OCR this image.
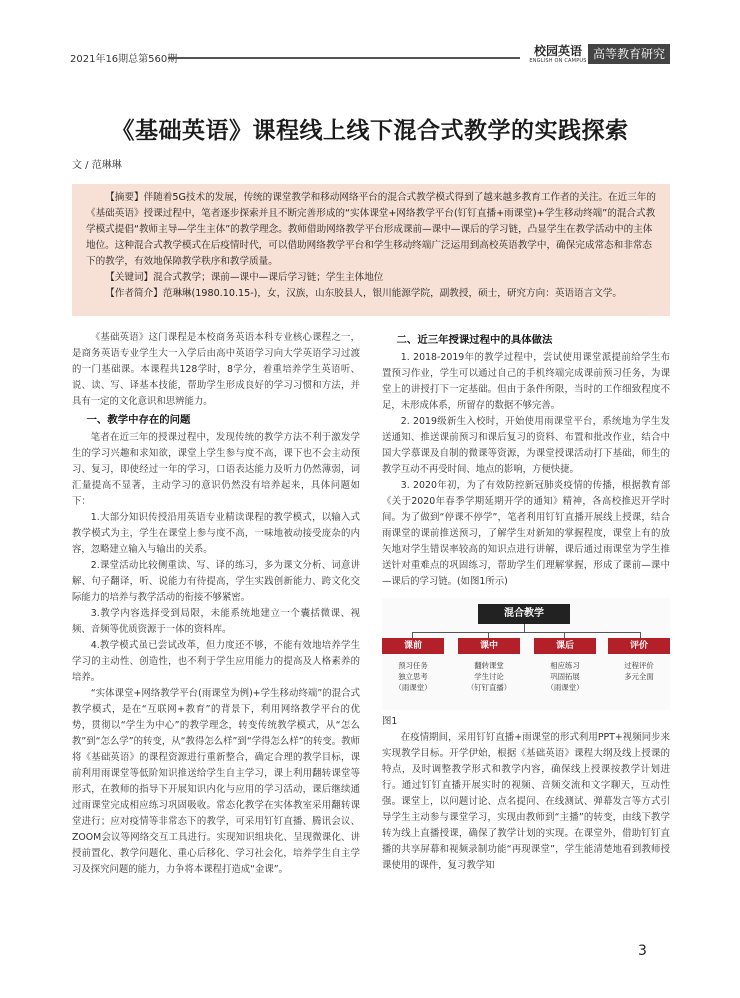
2021年16期总第560期
校园英语
ENGLISH ON CAMPUS 高等教育研究
《基础英语》课程线上线下混合式教学的实践探索
文 / 范琳琳

【摘要】伴随着5G技术的发展，传统的课堂教学和移动网络平台的混合式教学模式得到了越来越多教育工作者的关注。在近三年的《基础英语》授课过程中，笔者逐步探索并且不断完善形成的“实体课堂+网络教学平台(钉钉直播+雨课堂)+学生移动终端”的混合式教学模式提倡“教师主导—学生主体”的教学理念。教师借助网络教学平台形成课前—课中—课后的学习链，凸显学生在教学活动中的主体地位。这种混合式教学模式在后疫情时代，可以借助网络教学平台和学生移动终端广泛运用到高校英语教学中，确保完成常态和非常态下的教学，有效地保障教学秩序和教学质量。

【关键词】混合式教学；课前—课中—课后学习链；学生主体地位

【作者简介】范琳琳(1980.10.15-)，女，汉族，山东胶县人，银川能源学院，副教授，硕士，研究方向：英语语言文学。

《基础英语》这门课程是本校商务英语本科专业核心课程之一，是商务英语专业学生大一入学后由高中英语学习向大学英语学习过渡的一门基础课。本课程共128学时，8学分，着重培养学生英语听、说、读、写、译基本技能，帮助学生形成良好的学习习惯和方法，并具有一定的文化意识和思辨能力。

一、教学中存在的问题

笔者在近三年的授课过程中，发现传统的教学方法不利于激发学生的学习兴趣和求知欲，课堂上学生参与度不高，课下也不会主动预习、复习，即使经过一年的学习，口语表达能力及听力仍然薄弱，词汇量提高不显著，主动学习的意识仍然没有培养起来，具体问题如下：

1.大部分知识传授沿用英语专业精读课程的教学模式，以输入式教学模式为主，学生在课堂上参与度不高，一味地被动接受庞杂的内容，忽略建立输入与输出的关系。

2.课堂活动比较侧重读、写、译的练习，多为课文分析、词意讲解、句子翻译，听、说能力有待提高，学生实践创新能力、跨文化交际能力的培养与教学活动的衔接不够紧密。

3.教学内容选择受到局限，未能系统地建立一个囊括微课、视频、音频等优质资源于一体的资料库。

4.教学模式虽已尝试改革，但力度还不够，不能有效地培养学生学习的主动性、创造性，也不利于学生应用能力的提高及人格素养的培养。

“实体课堂+网络教学平台(雨课堂为例)+学生移动终端”的混合式教学模式，是在“互联网+教育”的背景下，利用网络教学平台的优势，贯彻以“学生为中心”的教学理念，转变传统教学模式，从“怎么教”到“怎么学”的转变，从“教得怎么样”到“学得怎么样”的转变。教师将《基础英语》的课程资源进行重新整合，确定合理的教学目标，课前利用雨课堂等低阶知识推送给学生自主学习，课上利用翻转课堂等形式，在教师的指导下开展知识内化与应用的学习活动，课后继续通过雨课堂完成相应练习巩固吸收。常态化教学在实体教室采用翻转课堂进行；应对疫情等非常态下的教学，可采用钉钉直播、腾讯会议、ZOOM会议等网络交互工具进行。实现知识组块化、呈现微课化、讲授前置化、教学问题化、重心后移化、学习社会化，培养学生自主学习及探究问题的能力，力争将本课程打造成“金课”。

二、近三年授课过程中的具体做法

1. 2018-2019年的教学过程中，尝试使用课堂派提前给学生布置预习作业，学生可以通过自己的手机终端完成课前预习任务，为课堂上的讲授打下一定基础。但由于条件所限，当时的工作细致程度不足，未形成体系，所留存的数据不够完善。

2. 2019级新生入校时，开始使用雨课堂平台，系统地为学生发送通知、推送课前预习和课后复习的资料、布置和批改作业，结合中国大学慕课及自制的微课等资源，为课堂授课活动打下基础，师生的教学互动不再受时间、地点的影响，方便快捷。

3. 2020年初，为了有效防控新冠肺炎疫情的传播，根据教育部《关于2020年春季学期延期开学的通知》精神，各高校推迟开学时间。为了做到“停课不停学”，笔者利用钉钉直播开展线上授课，结合雨课堂的课前推送预习，了解学生对新知的掌握程度，课堂上有的放矢地对学生错误率较高的知识点进行讲解，课后通过雨课堂为学生推送针对重难点的巩固练习，帮助学生们理解掌握，形成了课前—课中—课后的学习链。(如图1所示)

混合教学
课前	课中	课后	评价
预习任务
独立思考
（雨课堂）
翻转课堂
学生讨论
（钉钉直播）
相应练习
巩固拓展
（雨课堂）
过程评价
多元全面

图1

在疫情期间，采用钉钉直播+雨课堂的形式利用PPT+视频同步来实现教学目标。开学伊始，根据《基础英语》课程大纲及线上授课的特点，及时调整教学形式和教学内容，确保线上授课按教学计划进行。通过钉钉直播开展实时的视频、音频交流和文字聊天，互动性强。课堂上，以问题讨论、点名提问、在线测试、弹幕发言等方式引导学生主动参与课堂学习，实现由教师到“主播”的转变，由线下教学转为线上直播授课，确保了教学计划的实现。在课堂外，借助钉钉直播的共享屏幕和视频录制功能“再现课堂”，学生能清楚地看到教师授课使用的课件，复习教学知

3
